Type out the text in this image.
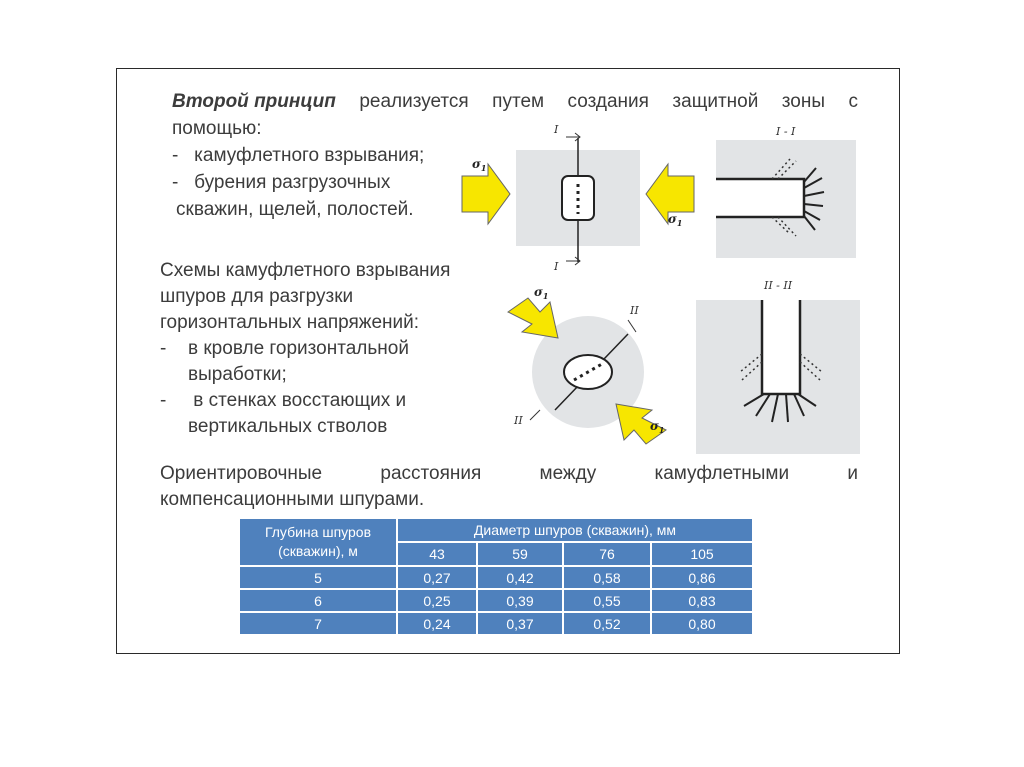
Второй принцип реализуется путем создания защитной зоны с
помощью:
-   камуфлетного взрывания;
-   бурения разгрузочных
скважин, щелей, полостей.
Схемы камуфлетного взрывания
шпуров для разгрузки
горизонтальных напряжений:
- в кровле горизонтальной
выработки;
- в стенках восстающих и
вертикальных стволов
Ориентировочные	расстояния	между	камуфлетными	и
компенсационными шпурами.
I
I
$\sigma_1$
$\sigma_1$
I - I
$\sigma_1$
$\sigma_1$
II
II
II - II
Глубина шпуров
(скважин), м	Диаметр шпуров (скважин), мм			
	43	59	76	105
5	0,27	0,42	0,58	0,86
6	0,25	0,39	0,55	0,83
7	0,24	0,37	0,52	0,80
